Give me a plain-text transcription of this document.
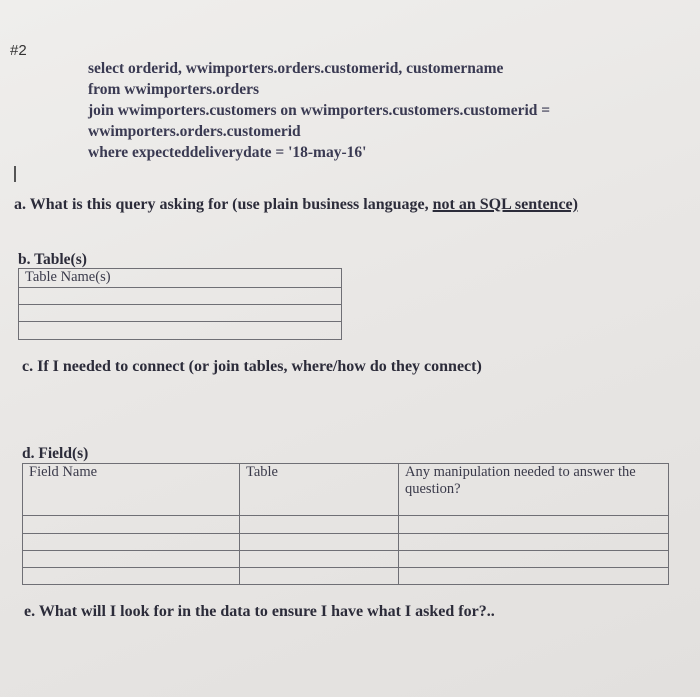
#2
select orderid, wwimporters.orders.customerid, customername
from wwimporters.orders
join wwimporters.customers on wwimporters.customers.customerid =
wwimporters.orders.customerid
where expecteddeliverydate = '18-may-16'
a. What is this query asking for (use plain business language, not an SQL sentence)
b. Table(s)
Table Name(s)

c. If I needed to connect (or join tables, where/how do they connect)
d. Field(s)
Field Name	Table	Any manipulation needed to answer the question?

e. What will I look for in the data to ensure I have what I asked for?..
